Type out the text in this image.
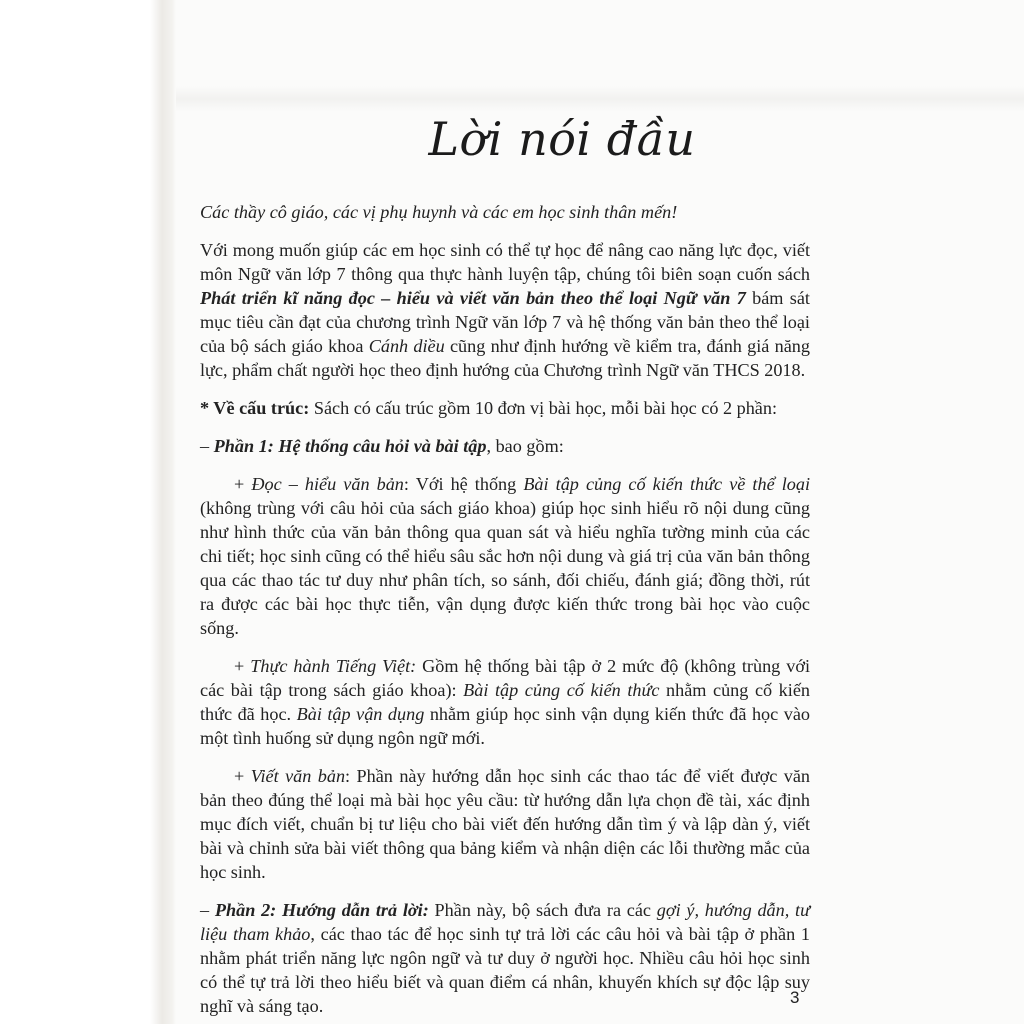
Lời nói đầu

Các thầy cô giáo, các vị phụ huynh và các em học sinh thân mến!

Với mong muốn giúp các em học sinh có thể tự học để nâng cao năng lực đọc, viết môn Ngữ văn lớp 7 thông qua thực hành luyện tập, chúng tôi biên soạn cuốn sách Phát triển kĩ năng đọc – hiểu và viết văn bản theo thể loại Ngữ văn 7 bám sát mục tiêu cần đạt của chương trình Ngữ văn lớp 7 và hệ thống văn bản theo thể loại của bộ sách giáo khoa Cánh diều cũng như định hướng về kiểm tra, đánh giá năng lực, phẩm chất người học theo định hướng của Chương trình Ngữ văn THCS 2018.

* Về cấu trúc: Sách có cấu trúc gồm 10 đơn vị bài học, mỗi bài học có 2 phần:

– Phần 1: Hệ thống câu hỏi và bài tập, bao gồm:

+ Đọc – hiểu văn bản: Với hệ thống Bài tập củng cố kiến thức về thể loại (không trùng với câu hỏi của sách giáo khoa) giúp học sinh hiểu rõ nội dung cũng như hình thức của văn bản thông qua quan sát và hiểu nghĩa tường minh của các chi tiết; học sinh cũng có thể hiểu sâu sắc hơn nội dung và giá trị của văn bản thông qua các thao tác tư duy như phân tích, so sánh, đối chiếu, đánh giá; đồng thời, rút ra được các bài học thực tiễn, vận dụng được kiến thức trong bài học vào cuộc sống.

+ Thực hành Tiếng Việt: Gồm hệ thống bài tập ở 2 mức độ (không trùng với các bài tập trong sách giáo khoa): Bài tập củng cố kiến thức nhằm củng cố kiến thức đã học. Bài tập vận dụng nhằm giúp học sinh vận dụng kiến thức đã học vào một tình huống sử dụng ngôn ngữ mới.

+ Viết văn bản: Phần này hướng dẫn học sinh các thao tác để viết được văn bản theo đúng thể loại mà bài học yêu cầu: từ hướng dẫn lựa chọn đề tài, xác định mục đích viết, chuẩn bị tư liệu cho bài viết đến hướng dẫn tìm ý và lập dàn ý, viết bài và chỉnh sửa bài viết thông qua bảng kiểm và nhận diện các lỗi thường mắc của học sinh.

– Phần 2: Hướng dẫn trả lời: Phần này, bộ sách đưa ra các gợi ý, hướng dẫn, tư liệu tham khảo, các thao tác để học sinh tự trả lời các câu hỏi và bài tập ở phần 1 nhằm phát triển năng lực ngôn ngữ và tư duy ở người học. Nhiều câu hỏi học sinh có thể tự trả lời theo hiểu biết và quan điểm cá nhân, khuyến khích sự độc lập suy nghĩ và sáng tạo.	3
